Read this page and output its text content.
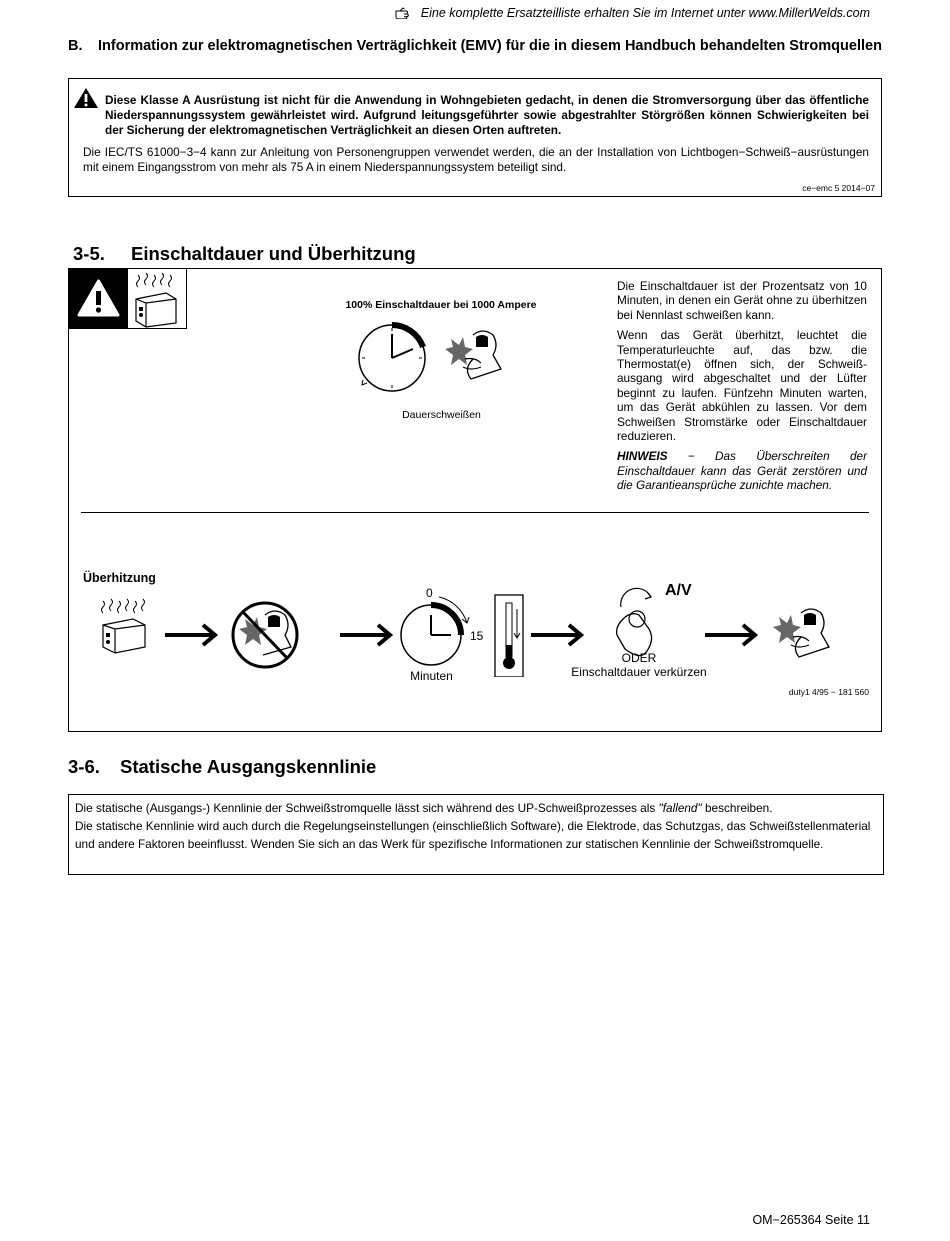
Eine komplette Ersatzteilliste erhalten Sie im Internet unter www.MillerWelds.com
B.	Information zur elektromagnetischen Verträglichkeit (EMV) für die in diesem Handbuch behandelten Stromquellen
Diese Klasse A Ausrüstung ist nicht für die Anwendung in Wohngebieten gedacht, in denen die Stromversorgung über das öffentliche Niederspannungssystem gewährleistet wird. Aufgrund leitungsgeführter sowie abgestrahlter Störgrößen können Schwierigkeiten bei der Sicherung der elektromagnetischen Verträglichkeit an diesen Orten auftreten.
Die IEC/TS 61000−3−4 kann zur Anleitung von Personengruppen verwendet werden, die an der Installation von Lichtbogen−Schweiß−ausrüstungen mit einem Eingangsstrom von mehr als 75 A in einem Niederspannungssystem beteiligt sind.
ce−emc 5 2014−07
3-5.	Einschaltdauer und Überhitzung
100% Einschaltdauer bei 1000 Ampere
Dauerschweißen

Die Einschaltdauer ist der Prozentsatz von 10 Minuten, in denen ein Gerät ohne zu überhitzen bei Nennlast schweißen kann.

Wenn das Gerät überhitzt, leuchtet die Temperaturleuchte auf, das bzw. die Thermostat(e) öffnen sich, der Schweiß-ausgang wird abgeschaltet und der Lüfter beginnt zu laufen. Fünfzehn Minuten warten, um das Gerät abkühlen zu lassen. Vor dem Schweißen Stromstärke oder Einschaltdauer reduzieren.

HINWEIS − Das Überschreiten der Einschaltdauer kann das Gerät zerstören und die Garantieansprüche zunichte machen.

Überhitzung
0
15
Minuten
A/V
ODER
Einschaltdauer verkürzen
duty1 4/95 − 181 560
3-6.	Statische Ausgangskennlinie
Die statische (Ausgangs-) Kennlinie der Schweißstromquelle lässt sich während des UP-Schweißprozesses als "fallend" beschreiben.
Die statische Kennlinie wird auch durch die Regelungseinstellungen (einschließlich Software), die Elektrode, das Schutzgas, das Schweißstellenmaterial und andere Faktoren beeinflusst. Wenden Sie sich an das Werk für spezifische Informationen zur statischen Kennlinie der Schweißstromquelle.
OM−265364 Seite 11
